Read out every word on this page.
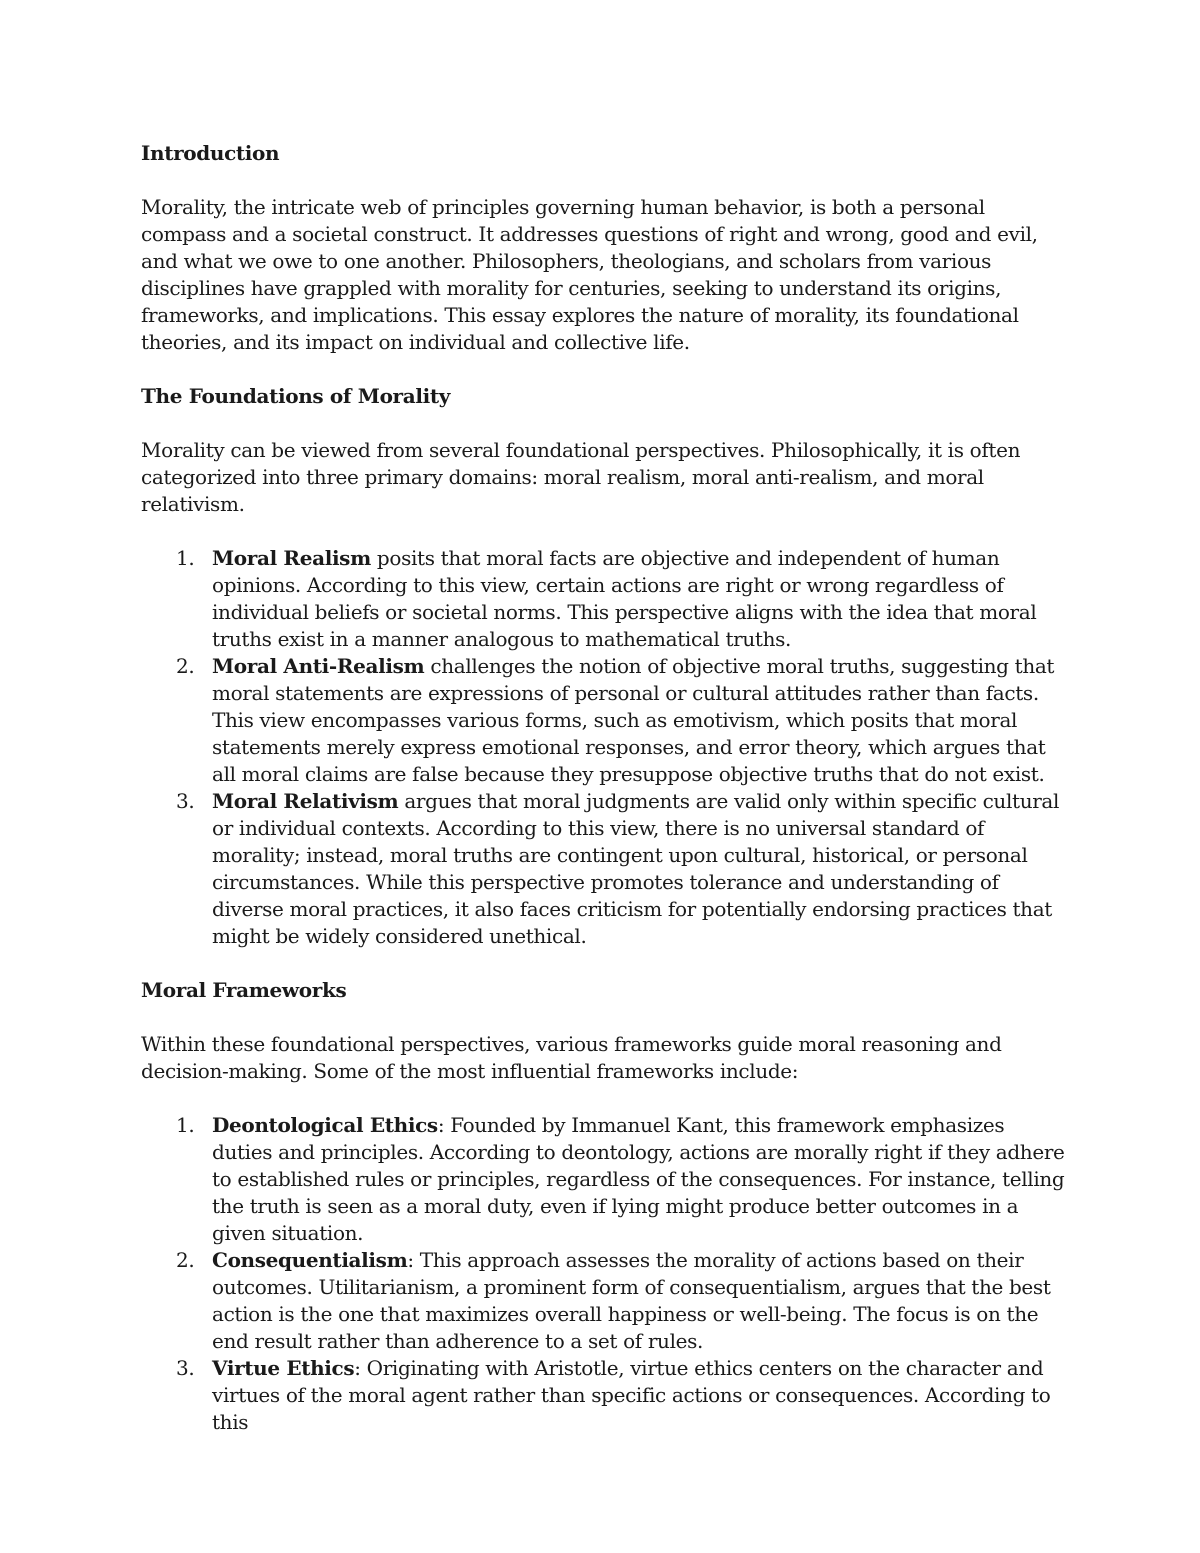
Introduction

Morality, the intricate web of principles governing human behavior, is both a personal compass and a societal construct. It addresses questions of right and wrong, good and evil, and what we owe to one another. Philosophers, theologians, and scholars from various disciplines have grappled with morality for centuries, seeking to understand its origins, frameworks, and implications. This essay explores the nature of morality, its foundational theories, and its impact on individual and collective life.

The Foundations of Morality

Morality can be viewed from several foundational perspectives. Philosophically, it is often categorized into three primary domains: moral realism, moral anti-realism, and moral relativism.

1. Moral Realism posits that moral facts are objective and independent of human opinions. According to this view, certain actions are right or wrong regardless of individual beliefs or societal norms. This perspective aligns with the idea that moral truths exist in a manner analogous to mathematical truths.
2. Moral Anti-Realism challenges the notion of objective moral truths, suggesting that moral statements are expressions of personal or cultural attitudes rather than facts. This view encompasses various forms, such as emotivism, which posits that moral statements merely express emotional responses, and error theory, which argues that all moral claims are false because they presuppose objective truths that do not exist.
3. Moral Relativism argues that moral judgments are valid only within specific cultural or individual contexts. According to this view, there is no universal standard of morality; instead, moral truths are contingent upon cultural, historical, or personal circumstances. While this perspective promotes tolerance and understanding of diverse moral practices, it also faces criticism for potentially endorsing practices that might be widely considered unethical.
Moral Frameworks

Within these foundational perspectives, various frameworks guide moral reasoning and decision-making. Some of the most influential frameworks include:

1. Deontological Ethics: Founded by Immanuel Kant, this framework emphasizes duties and principles. According to deontology, actions are morally right if they adhere to established rules or principles, regardless of the consequences. For instance, telling the truth is seen as a moral duty, even if lying might produce better outcomes in a given situation.
2. Consequentialism: This approach assesses the morality of actions based on their outcomes. Utilitarianism, a prominent form of consequentialism, argues that the best action is the one that maximizes overall happiness or well-being. The focus is on the end result rather than adherence to a set of rules.
3. Virtue Ethics: Originating with Aristotle, virtue ethics centers on the character and virtues of the moral agent rather than specific actions or consequences. According to this
